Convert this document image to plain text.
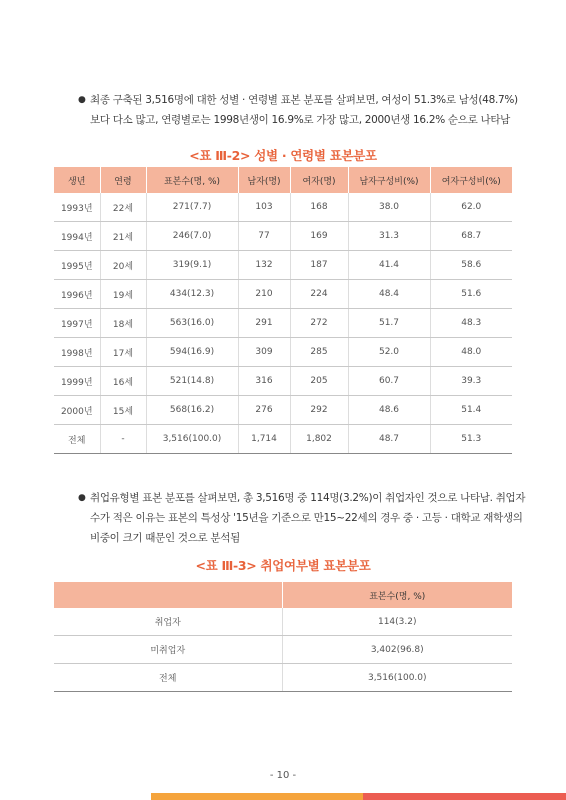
● 최종 구축된 3,516명에 대한 성별 · 연령별 표본 분포를 살펴보면, 여성이 51.3%로 남성(48.7%)
보다 다소 많고, 연령별로는 1998년생이 16.9%로 가장 많고, 2000년생 16.2% 순으로 나타남
<표 Ⅲ-2> 성별 · 연령별 표본분포
생년	연령	표본수(명, %)	남자(명)	여자(명)	남자구성비(%)	여자구성비(%)
1993년	22세	271(7.7)	103	168	38.0	62.0
1994년	21세	246(7.0)	77	169	31.3	68.7
1995년	20세	319(9.1)	132	187	41.4	58.6
1996년	19세	434(12.3)	210	224	48.4	51.6
1997년	18세	563(16.0)	291	272	51.7	48.3
1998년	17세	594(16.9)	309	285	52.0	48.0
1999년	16세	521(14.8)	316	205	60.7	39.3
2000년	15세	568(16.2)	276	292	48.6	51.4
전체	-	3,516(100.0)	1,714	1,802	48.7	51.3
● 취업유형별 표본 분포를 살펴보면, 총 3,516명 중 114명(3.2%)이 취업자인 것으로 나타남. 취업자
수가 적은 이유는 표본의 특성상 '15년을 기준으로 만15~22세의 경우 중 · 고등 · 대학교 재학생의
비중이 크기 때문인 것으로 분석됨
<표 Ⅲ-3> 취업여부별 표본분포
	표본수(명, %)
취업자	114(3.2)
미취업자	3,402(96.8)
전체	3,516(100.0)
- 10 -
